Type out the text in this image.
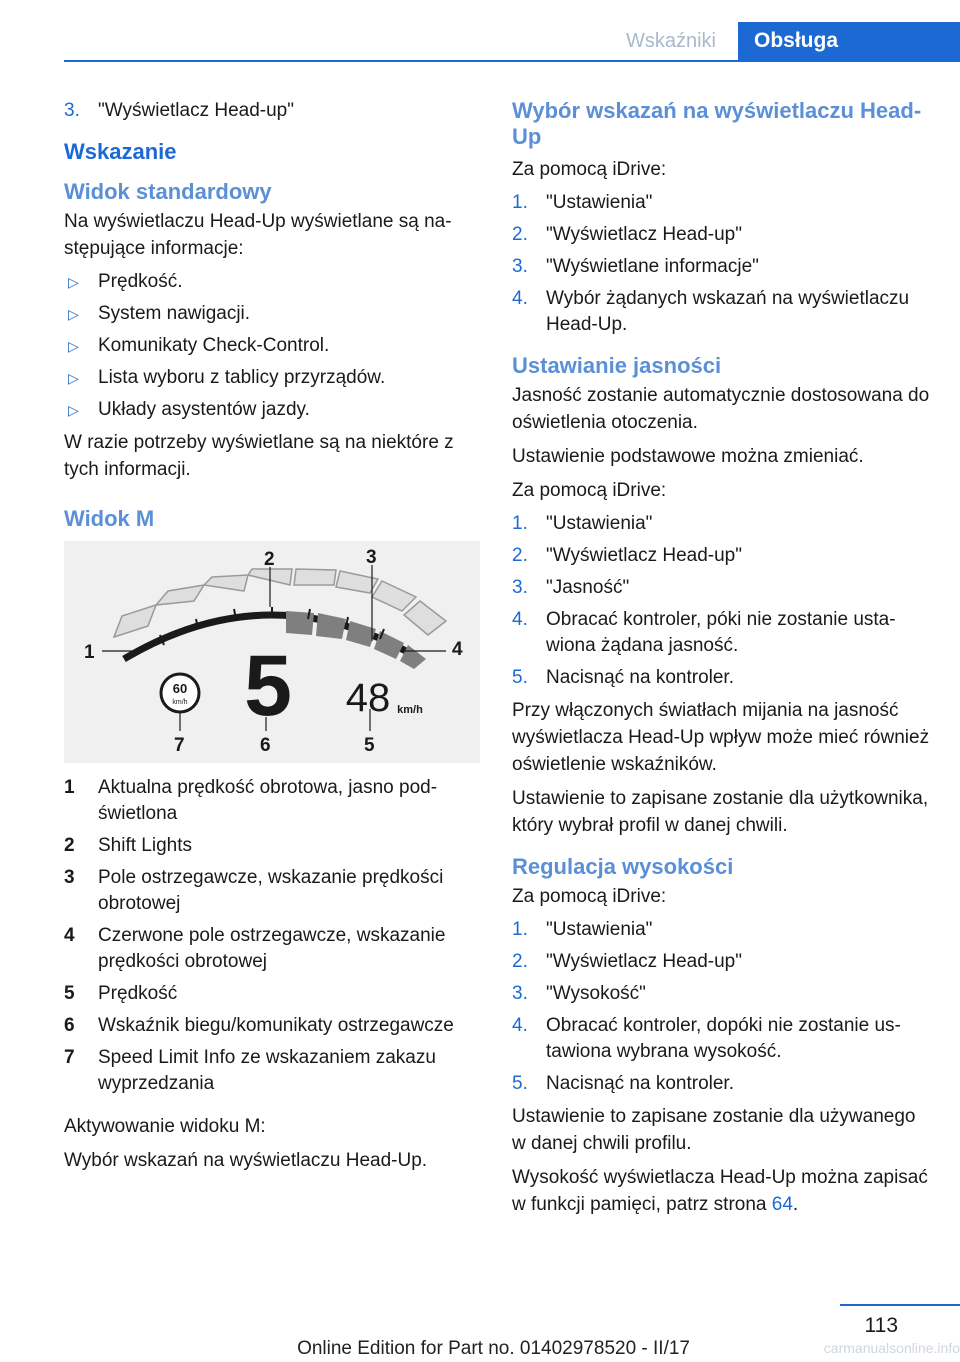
Wskaźniki	Obsługa
3. "Wyświetlacz Head-up"
Wskazanie
Widok standardowy

Na wyświetlaczu Head-Up wyświetlane są następujące informacje:

▷ Prędkość.
▷ System nawigacji.
▷ Komunikaty Check-Control.
▷ Lista wyboru z tablicy przyrządów.
▷ Układy asystentów jazdy.

W razie potrzeby wyświetlane są na niektóre z tych informacji.

Widok M
60
km/h 5 48 km/h
1
2	3
4
5
6
7
1 Aktualna prędkość obrotowa, jasno podświetlona
2 Shift Lights
3 Pole ostrzegawcze, wskazanie prędkości obrotowej
4 Czerwone pole ostrzegawcze, wskazanie prędkości obrotowej
5 Prędkość
6 Wskaźnik biegu/komunikaty ostrzegawcze
7 Speed Limit Info ze wskazaniem zakazu wyprzedzania

Aktywowanie widoku M:

Wybór wskazań na wyświetlaczu Head-Up.

Wybór wskazań na wyświetlaczu Head-Up

Za pomocą iDrive:

1. "Ustawienia"
2. "Wyświetlacz Head-up"
3. "Wyświetlane informacje"
4. Wybór żądanych wskazań na wyświetlaczu Head-Up.
Ustawianie jasności

Jasność zostanie automatycznie dostosowana do oświetlenia otoczenia.

Ustawienie podstawowe można zmieniać.

Za pomocą iDrive:

1. "Ustawienia"
2. "Wyświetlacz Head-up"
3. "Jasność"
4. Obracać kontroler, póki nie zostanie ustawiona żądana jasność.
5. Nacisnąć na kontroler.

Przy włączonych światłach mijania na jasność wyświetlacza Head-Up wpływ może mieć również oświetlenie wskaźników.

Ustawienie to zapisane zostanie dla użytkownika, który wybrał profil w danej chwili.

Regulacja wysokości

Za pomocą iDrive:

1. "Ustawienia"
2. "Wyświetlacz Head-up"
3. "Wysokość"
4. Obracać kontroler, dopóki nie zostanie ustawiona wybrana wysokość.
5. Nacisnąć na kontroler.

Ustawienie to zapisane zostanie dla używanego w danej chwili profilu.

Wysokość wyświetlacza Head-Up można zapisać w funkcji pamięci, patrz strona 64.

113
Online Edition for Part no. 01402978520 - II/17	carmanualsonline.info
